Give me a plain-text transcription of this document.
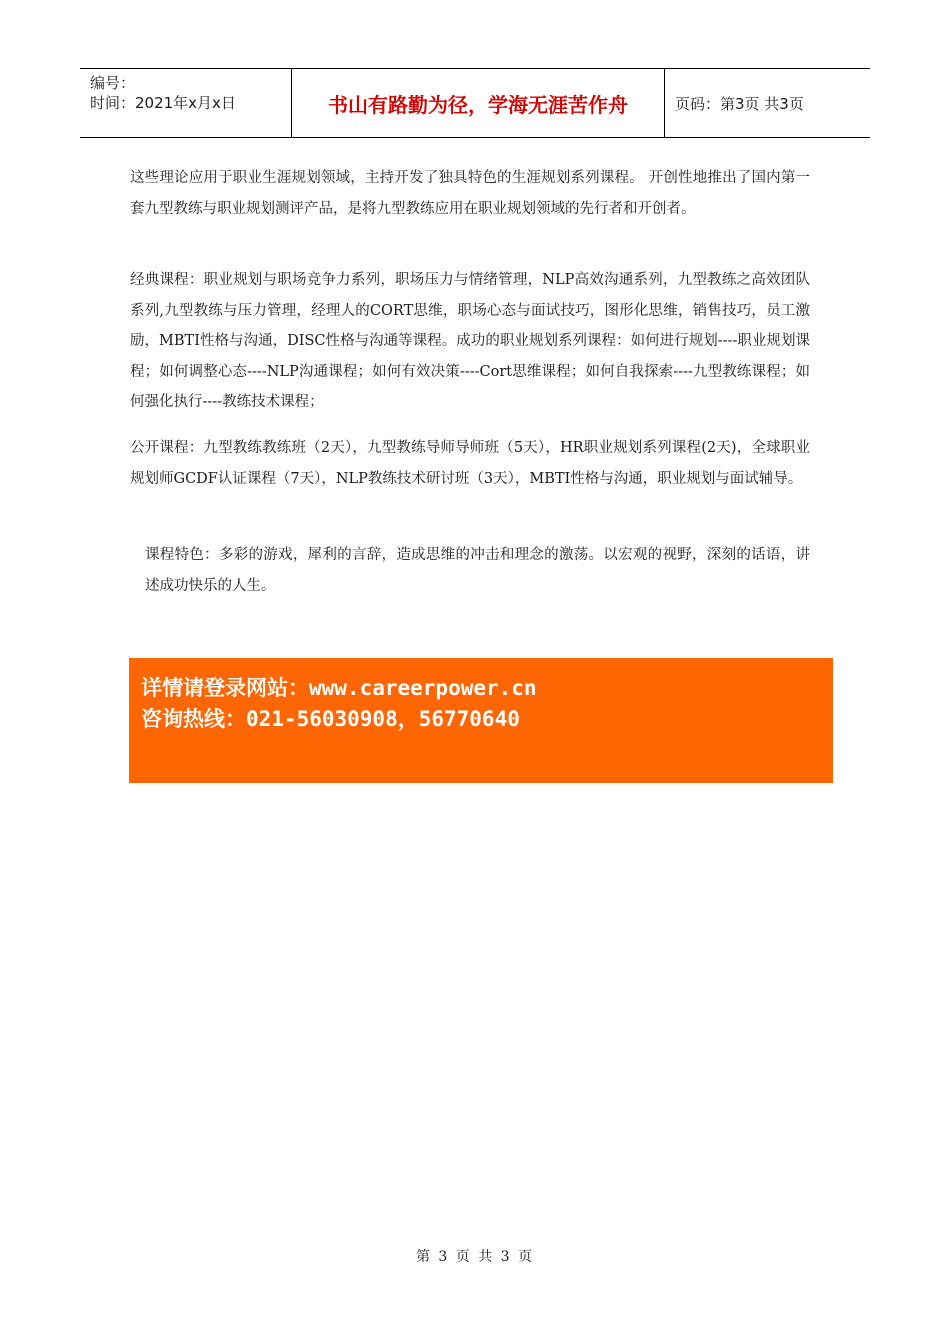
编号：
时间：2021年x月x日	书山有路勤为径，学海无涯苦作舟	页码：第3页 共3页

这些理论应用于职业生涯规划领域，主持开发了独具特色的生涯规划系列课程。 开创性地推出了国内第一套九型教练与职业规划测评产品，是将九型教练应用在职业规划领域的先行者和开创者。

经典课程：职业规划与职场竞争力系列，职场压力与情绪管理，NLP高效沟通系列，九型教练之高效团队系列,九型教练与压力管理，经理人的CORT思维，职场心态与面试技巧，图形化思维，销售技巧，员工激励，MBTI性格与沟通，DISC性格与沟通等课程。成功的职业规划系列课程：如何进行规划----职业规划课程；如何调整心态----NLP沟通课程；如何有效决策----Cort思维课程；如何自我探索----九型教练课程；如何强化执行----教练技术课程；

公开课程：九型教练教练班（2天），九型教练导师导师班（5天），HR职业规划系列课程(2天)，全球职业规划师GCDF认证课程（7天），NLP教练技术研讨班（3天），MBTI性格与沟通，职业规划与面试辅导。

课程特色：多彩的游戏，犀利的言辞，造成思维的冲击和理念的激荡。以宏观的视野，深刻的话语，讲述成功快乐的人生。

详情请登录网站：www.careerpower.cn
咨询热线：021-56030908，56770640
第 3 页 共 3 页
